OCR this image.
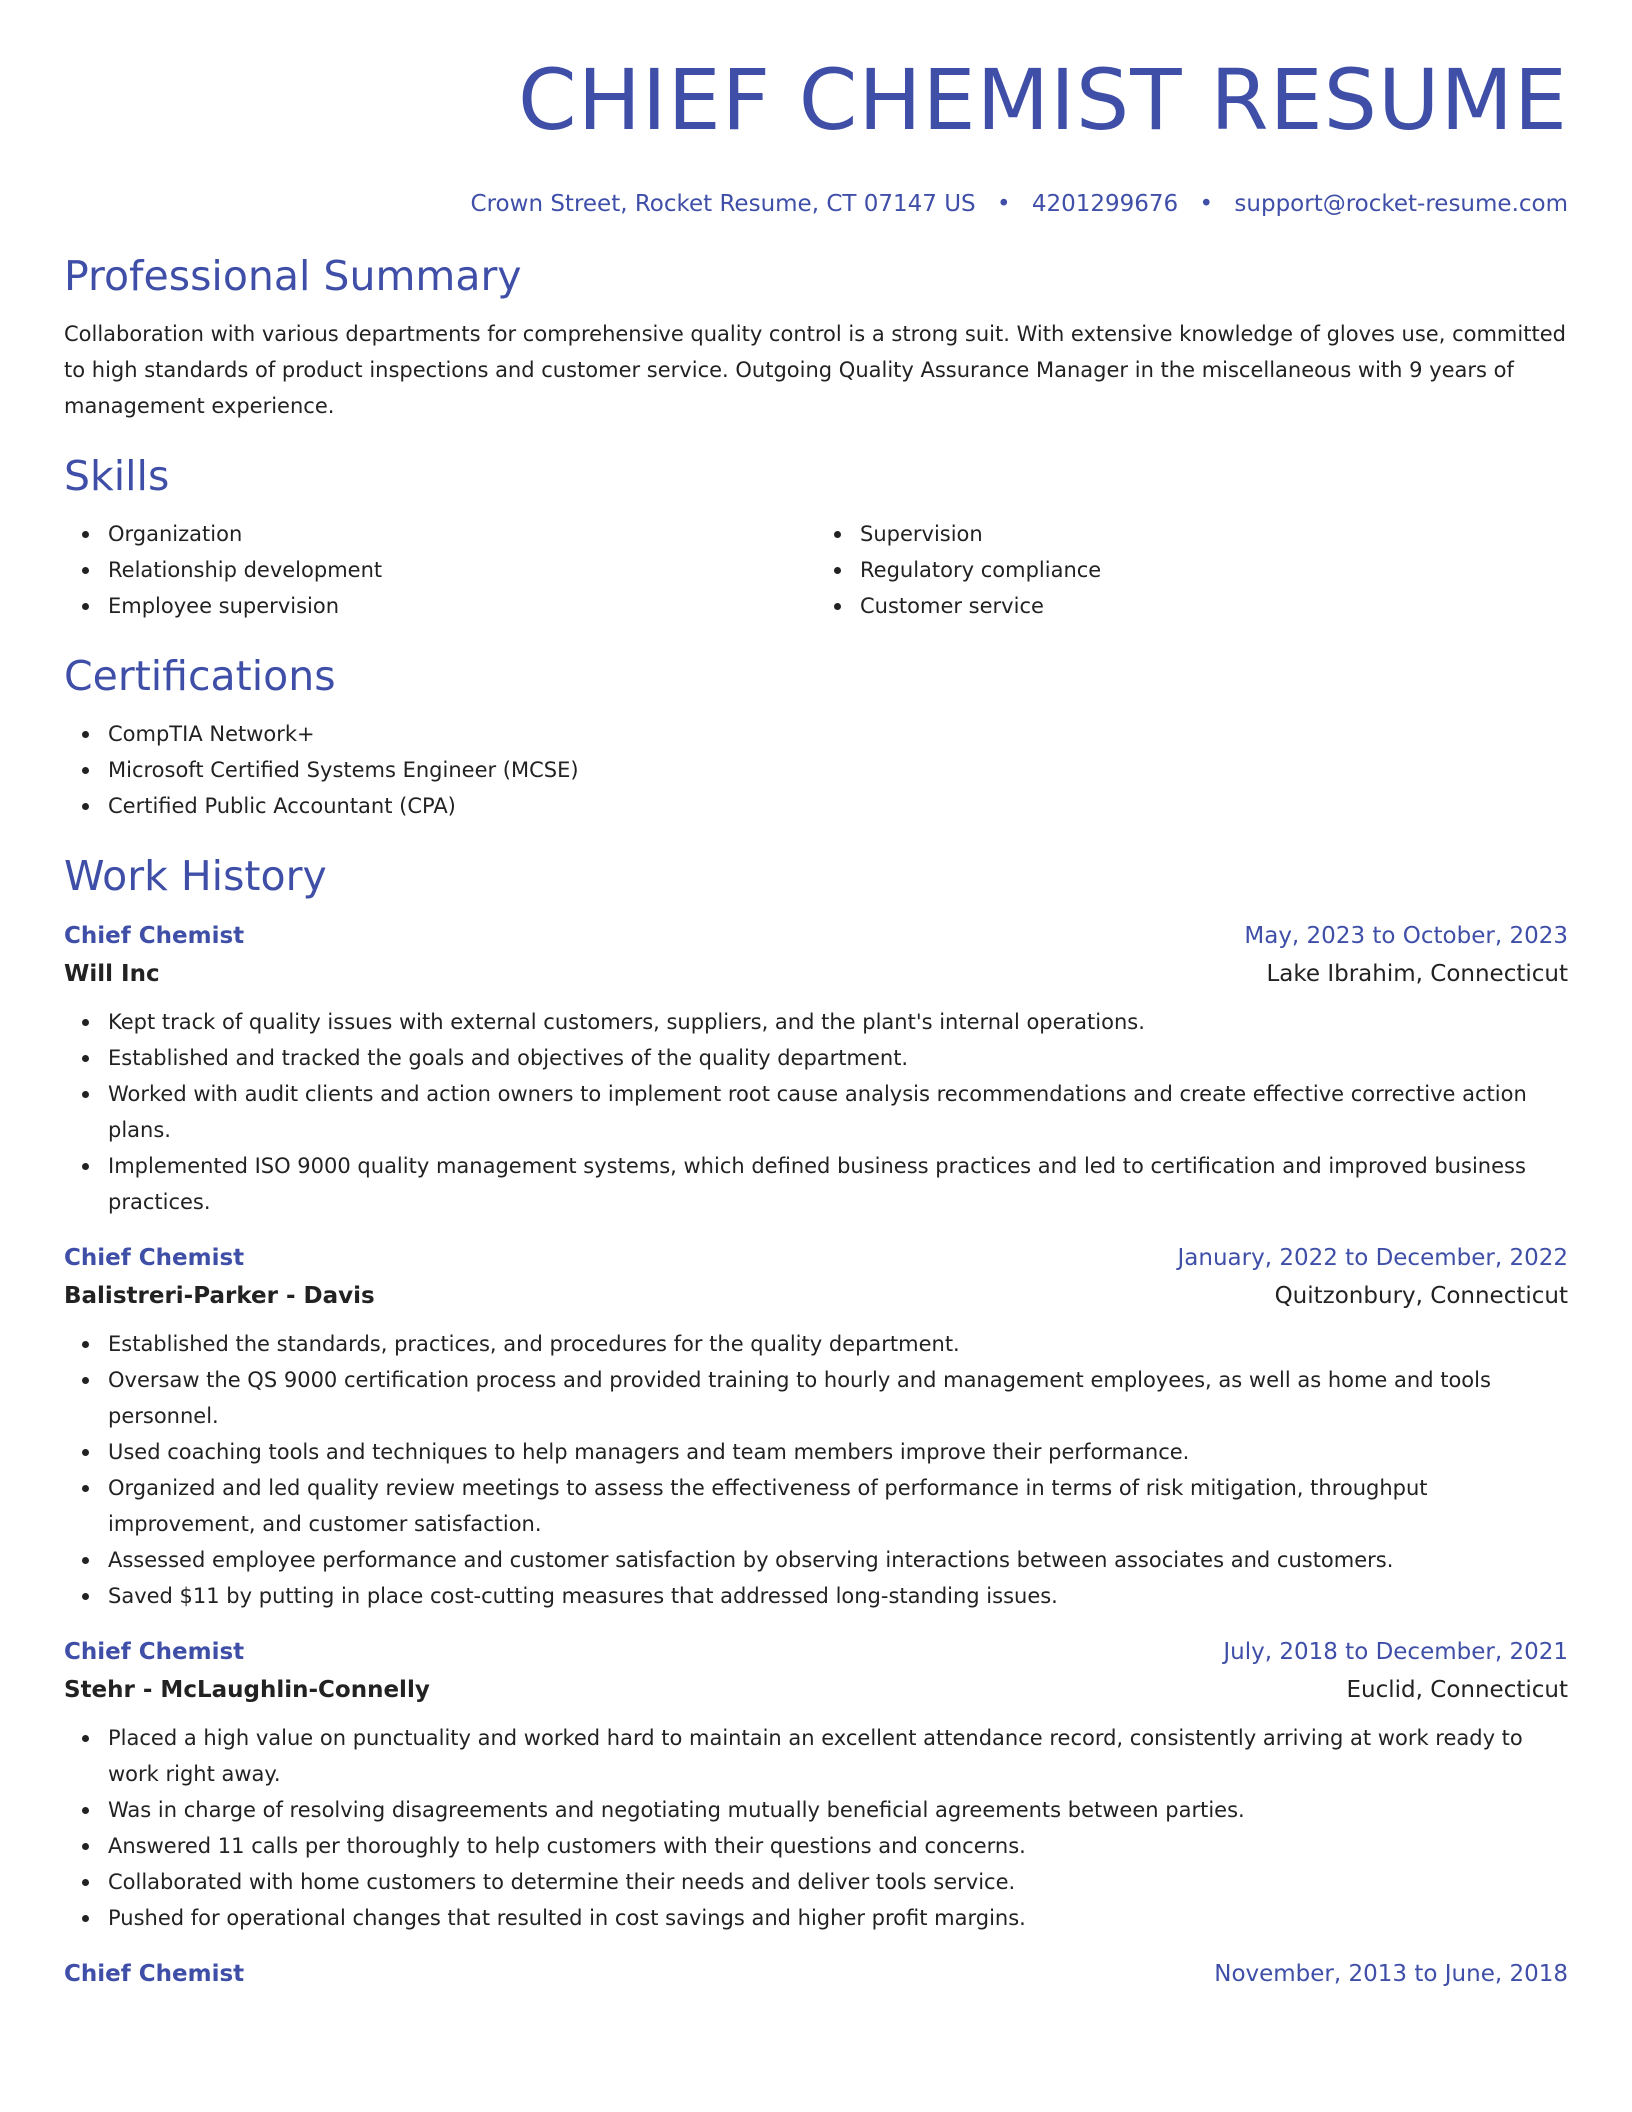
CHIEF CHEMIST RESUME
Crown Street, Rocket Resume, CT 07147 US • 4201299676 • support@rocket-resume.com
Professional Summary

Collaboration with various departments for comprehensive quality control is a strong suit. With extensive knowledge of gloves use, committed to high standards of product inspections and customer service. Outgoing Quality Assurance Manager in the miscellaneous with 9 years of management experience.

Skills
Organization
Relationship development
Employee supervision
Supervision
Regulatory compliance
Customer service
Certifications
CompTIA Network+
Microsoft Certified Systems Engineer (MCSE)
Certified Public Accountant (CPA)
Work History
Chief Chemist	May, 2023 to October, 2023
Will Inc	Lake Ibrahim, Connecticut
Kept track of quality issues with external customers, suppliers, and the plant's internal operations.
Established and tracked the goals and objectives of the quality department.
Worked with audit clients and action owners to implement root cause analysis recommendations and create effective corrective action plans.
Implemented ISO 9000 quality management systems, which defined business practices and led to certification and improved business practices.
Chief Chemist	January, 2022 to December, 2022
Balistreri-Parker - Davis	Quitzonbury, Connecticut
Established the standards, practices, and procedures for the quality department.
Oversaw the QS 9000 certification process and provided training to hourly and management employees, as well as home and tools personnel.
Used coaching tools and techniques to help managers and team members improve their performance.
Organized and led quality review meetings to assess the effectiveness of performance in terms of risk mitigation, throughput improvement, and customer satisfaction.
Assessed employee performance and customer satisfaction by observing interactions between associates and customers.
Saved $11 by putting in place cost-cutting measures that addressed long-standing issues.
Chief Chemist	July, 2018 to December, 2021
Stehr - McLaughlin-Connelly	Euclid, Connecticut
Placed a high value on punctuality and worked hard to maintain an excellent attendance record, consistently arriving at work ready to work right away.
Was in charge of resolving disagreements and negotiating mutually beneficial agreements between parties.
Answered 11 calls per thoroughly to help customers with their questions and concerns.
Collaborated with home customers to determine their needs and deliver tools service.
Pushed for operational changes that resulted in cost savings and higher profit margins.
Chief Chemist	November, 2013 to June, 2018
